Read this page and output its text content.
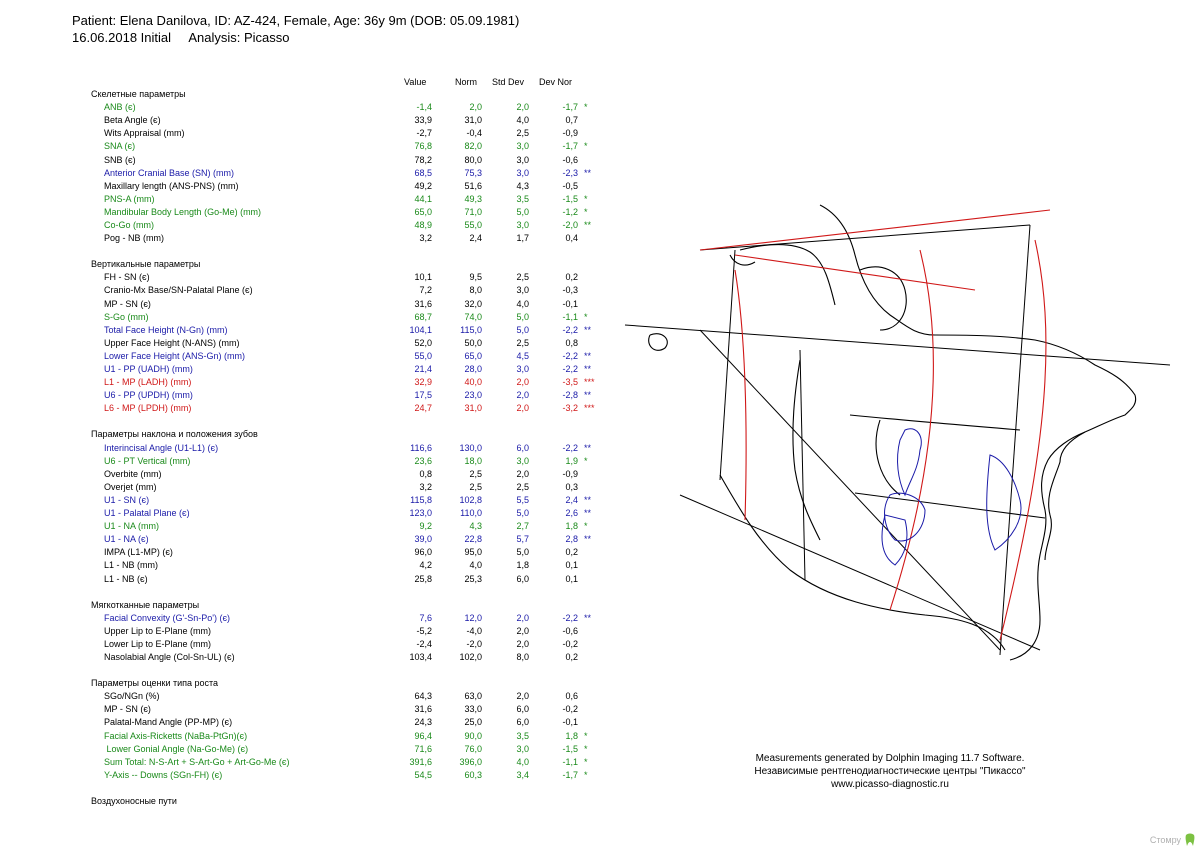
Patient: Elena Danilova, ID: AZ-424, Female, Age: 36y 9m (DOB: 05.09.1981)
16.06.2018 Initial     Analysis: Picasso
Value	Norm Std Dev Dev Nor
Скелетные параметры
ANB (є)	-1,4	2,0	2,0	-1,7 *
Beta Angle (є)	33,9	31,0	4,0	0,7
Wits Appraisal (mm)	-2,7	-0,4	2,5	-0,9
SNA (є)	76,8	82,0	3,0	-1,7 *
SNB (є)	78,2	80,0	3,0	-0,6
Anterior Cranial Base (SN) (mm)	68,5	75,3	3,0	-2,3 **
Maxillary length (ANS-PNS) (mm)	49,2	51,6	4,3	-0,5
PNS-A (mm)	44,1	49,3	3,5	-1,5 *
Mandibular Body Length (Go-Me) (mm)	65,0	71,0	5,0	-1,2 *
Co-Go (mm)	48,9	55,0	3,0	-2,0 **
Pog - NB (mm)	3,2	2,4	1,7	0,4
Вертикальные параметры
FH - SN (є)	10,1	9,5	2,5	0,2
Cranio-Mx Base/SN-Palatal Plane (є)	7,2	8,0	3,0	-0,3
MP - SN (є)	31,6	32,0	4,0	-0,1
S-Go (mm)	68,7	74,0	5,0	-1,1 *
Total Face Height (N-Gn) (mm)	104,1	115,0	5,0	-2,2 **
Upper Face Height (N-ANS) (mm)	52,0	50,0	2,5	0,8
Lower Face Height (ANS-Gn) (mm)	55,0	65,0	4,5	-2,2 **
U1 - PP (UADH) (mm)	21,4	28,0	3,0	-2,2 **
L1 - MP (LADH) (mm)	32,9	40,0	2,0	-3,5 ***
U6 - PP (UPDH) (mm)	17,5	23,0	2,0	-2,8 **
L6 - MP (LPDH) (mm)	24,7	31,0	2,0	-3,2 ***
Параметры наклона и положения зубов
Interincisal Angle (U1-L1) (є)	116,6	130,0	6,0	-2,2 **
U6 - PT Vertical (mm)	23,6	18,0	3,0	1,9 *
Overbite (mm)	0,8	2,5	2,0	-0,9
Overjet (mm)	3,2	2,5	2,5	0,3
U1 - SN (є)	115,8	102,8	5,5	2,4 **
U1 - Palatal Plane (є)	123,0	110,0	5,0	2,6 **
U1 - NA (mm)	9,2	4,3	2,7	1,8 *
U1 - NA (є)	39,0	22,8	5,7	2,8 **
IMPA (L1-MP) (є)	96,0	95,0	5,0	0,2
L1 - NB (mm)	4,2	4,0	1,8	0,1
L1 - NB (є)	25,8	25,3	6,0	0,1
Мягкотканные параметры
Facial Convexity (G'-Sn-Po') (є)	7,6	12,0	2,0	-2,2 **
Upper Lip to E-Plane (mm)	-5,2	-4,0	2,0	-0,6
Lower Lip to E-Plane (mm)	-2,4	-2,0	2,0	-0,2
Nasolabial Angle (Col-Sn-UL) (є)	103,4	102,0	8,0	0,2
Параметры оценки типа роста
SGo/NGn (%)	64,3	63,0	2,0	0,6
MP - SN (є)	31,6	33,0	6,0	-0,2
Palatal-Mand Angle (PP-MP) (є)	24,3	25,0	6,0	-0,1
Facial Axis-Ricketts (NaBa-PtGn)(є)	96,4	90,0	3,5	1,8 *
Lower Gonial Angle (Na-Go-Me) (є)	71,6	76,0	3,0	-1,5 *
Sum Total: N-S-Art + S-Art-Go + Art-Go-Me (є)	391,6	396,0	4,0	-1,1 *
Y-Axis -- Downs (SGn-FH) (є)	54,5	60,3	3,4	-1,7 *
Воздухоносные пути
Measurements generated by Dolphin Imaging 11.7 Software.
Независимые рентгенодиагностические центры "Пикассо"
www.picasso-diagnostic.ru
Стомру
